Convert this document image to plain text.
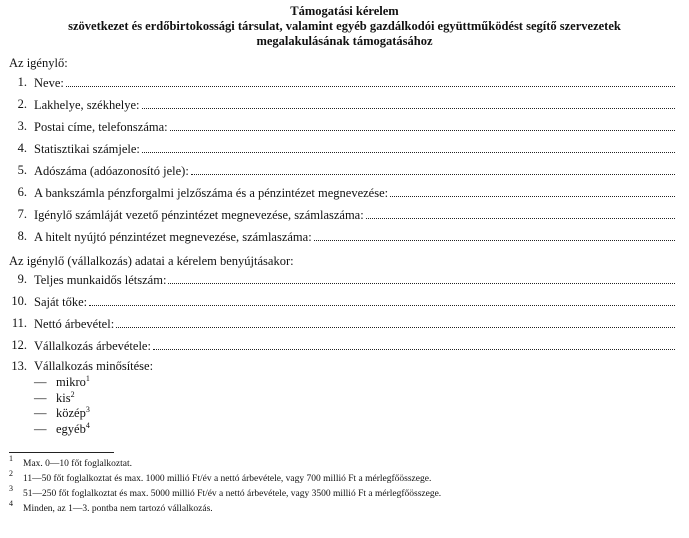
Támogatási kérelem
szövetkezet és erdőbirtokossági társulat, valamint egyéb gazdálkodói együttműködést segítő szervezetek
megalakulásának támogatásához
Az igénylő:
1. Neve:
2. Lakhelye, székhelye:
3. Postai címe, telefonszáma:
4. Statisztikai számjele:
5. Adószáma (adóazonosító jele):
6. A bankszámla pénzforgalmi jelzőszáma és a pénzintézet megnevezése:
7. Igénylő számláját vezető pénzintézet megnevezése, számlaszáma:
8. A hitelt nyújtó pénzintézet megnevezése, számlaszáma:
Az igénylő (vállalkozás) adatai a kérelem benyújtásakor:
9. Teljes munkaidős létszám:
10. Saját tőke:
11. Nettó árbevétel:
12. Vállalkozás árbevétele:
13. Vállalkozás minősítése:
— mikro$^1$
— kis$^2$
— közép$^3$
— egyéb$^4$
$^1$Max. 0—10 főt foglalkoztat.
$^2$11—50 főt foglalkoztat és max. 1000 millió Ft/év a nettó árbevétele, vagy 700 millió Ft a mérlegfőösszege.
$^3$51—250 főt foglalkoztat és max. 5000 millió Ft/év a nettó árbevétele, vagy 3500 millió Ft a mérlegfőösszege.
$^4$Minden, az 1—3. pontba nem tartozó vállalkozás.
